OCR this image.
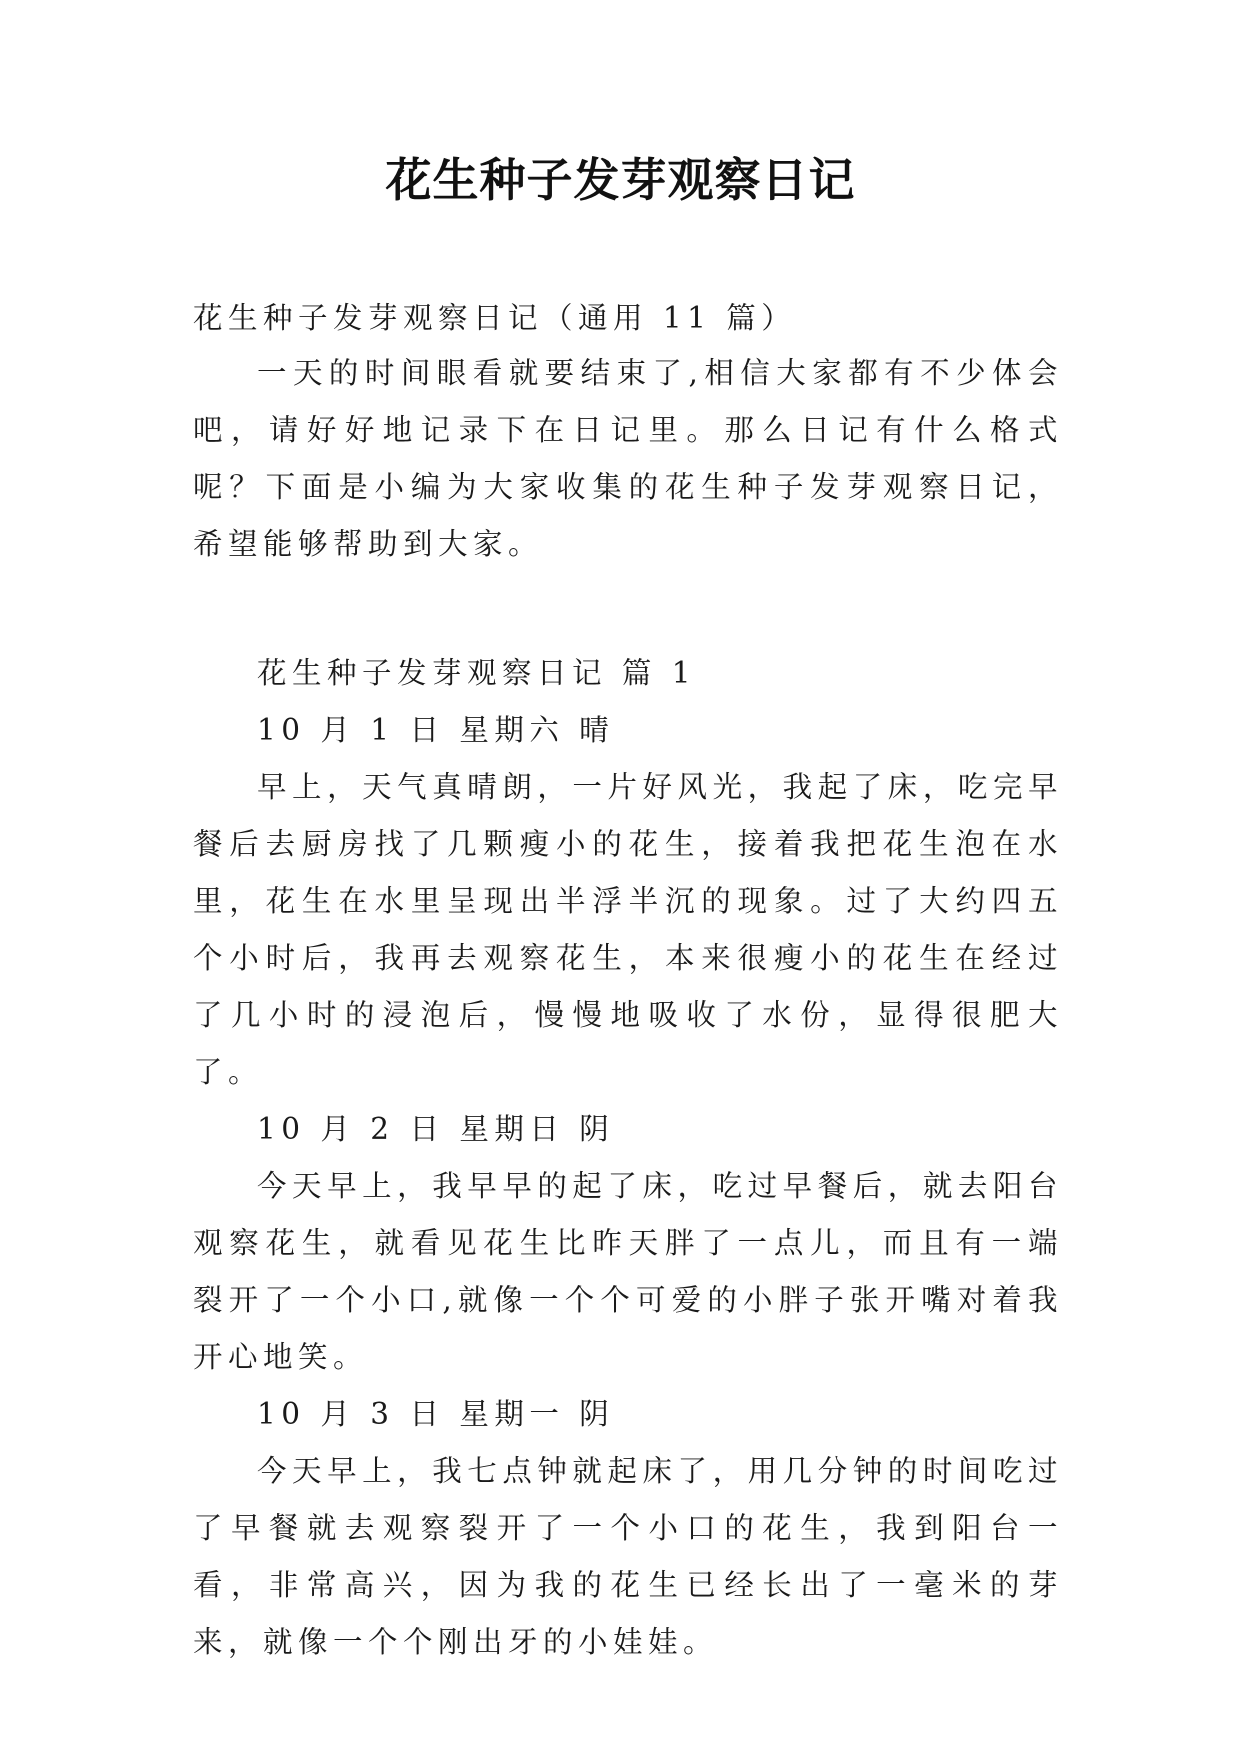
花生种子发芽观察日记

花生种子发芽观察日记（通用 11 篇）

一天的时间眼看就要结束了,相信大家都有不少体会吧，请好好地记录下在日记里。那么日记有什么格式呢？下面是小编为大家收集的花生种子发芽观察日记，希望能够帮助到大家。

花生种子发芽观察日记 篇 1

10 月 1 日 星期六 晴

早上，天气真晴朗，一片好风光，我起了床，吃完早餐后去厨房找了几颗瘦小的花生，接着我把花生泡在水里，花生在水里呈现出半浮半沉的现象。过了大约四五个小时后，我再去观察花生，本来很瘦小的花生在经过了几小时的浸泡后，慢慢地吸收了水份，显得很肥大了。

10 月 2 日 星期日 阴

今天早上，我早早的起了床，吃过早餐后，就去阳台观察花生，就看见花生比昨天胖了一点儿，而且有一端裂开了一个小口,就像一个个可爱的小胖子张开嘴对着我开心地笑。

10 月 3 日 星期一 阴

今天早上，我七点钟就起床了，用几分钟的时间吃过了早餐就去观察裂开了一个小口的花生，我到阳台一看，非常高兴，因为我的花生已经长出了一毫米的芽来，就像一个个刚出牙的小娃娃。
